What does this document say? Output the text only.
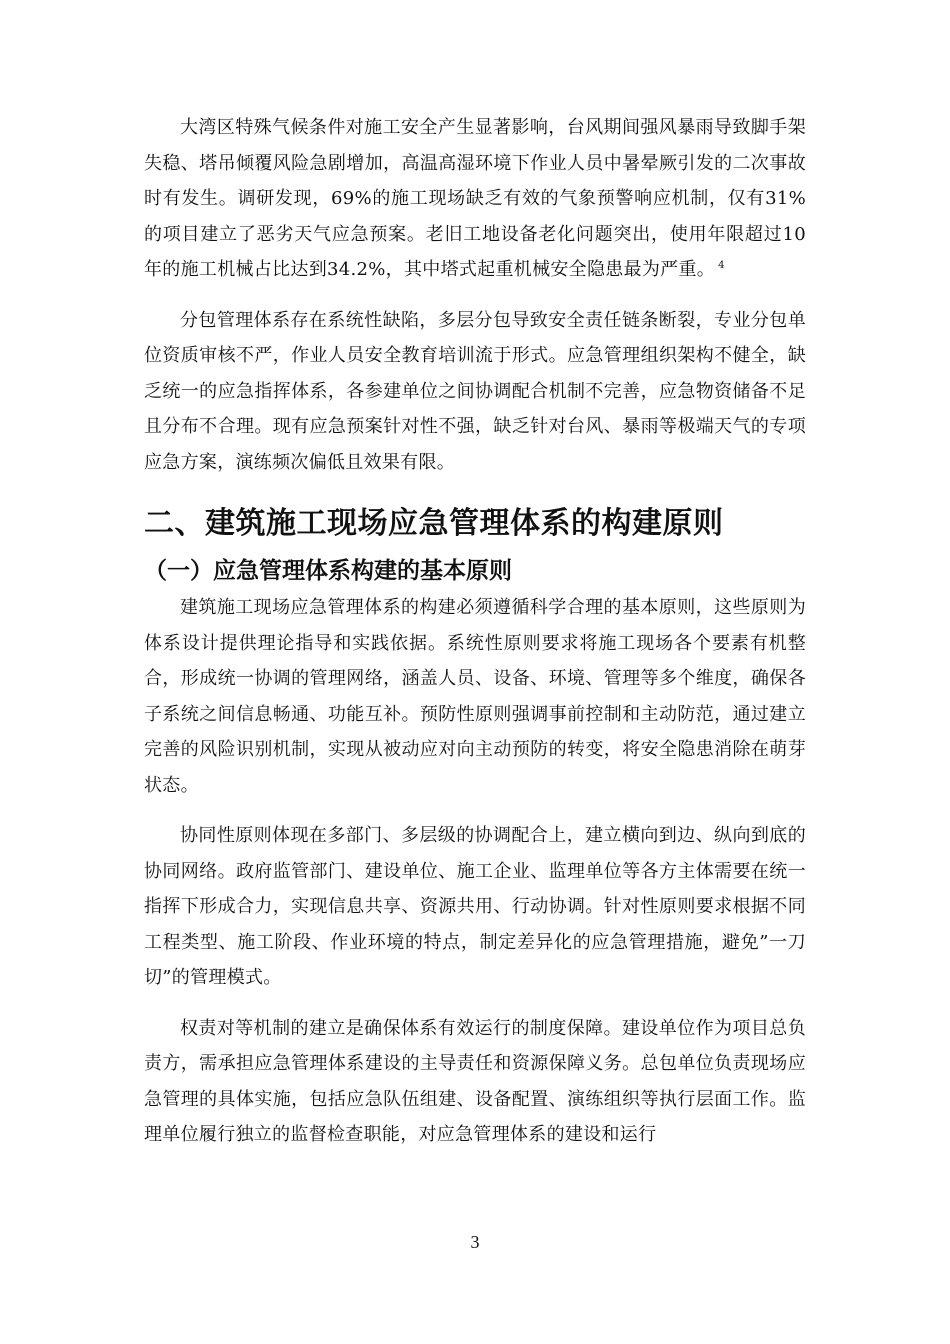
大湾区特殊气候条件对施工安全产生显著影响，台风期间强风暴雨导致脚手架失稳、塔吊倾覆风险急剧增加，高温高湿环境下作业人员中暑晕厥引发的二次事故时有发生。调研发现，69%的施工现场缺乏有效的气象预警响应机制，仅有31%的项目建立了恶劣天气应急预案。老旧工地设备老化问题突出，使用年限超过10年的施工机械占比达到34.2%，其中塔式起重机械安全隐患最为严重。 $^4$

分包管理体系存在系统性缺陷，多层分包导致安全责任链条断裂，专业分包单位资质审核不严，作业人员安全教育培训流于形式。应急管理组织架构不健全，缺乏统一的应急指挥体系，各参建单位之间协调配合机制不完善，应急物资储备不足且分布不合理。现有应急预案针对性不强，缺乏针对台风、暴雨等极端天气的专项应急方案，演练频次偏低且效果有限。

二、建筑施工现场应急管理体系的构建原则
（一）应急管理体系构建的基本原则

建筑施工现场应急管理体系的构建必须遵循科学合理的基本原则，这些原则为体系设计提供理论指导和实践依据。系统性原则要求将施工现场各个要素有机整合，形成统一协调的管理网络，涵盖人员、设备、环境、管理等多个维度，确保各子系统之间信息畅通、功能互补。预防性原则强调事前控制和主动防范，通过建立完善的风险识别机制，实现从被动应对向主动预防的转变，将安全隐患消除在萌芽状态。

协同性原则体现在多部门、多层级的协调配合上，建立横向到边、纵向到底的协同网络。政府监管部门、建设单位、施工企业、监理单位等各方主体需要在统一指挥下形成合力，实现信息共享、资源共用、行动协调。针对性原则要求根据不同工程类型、施工阶段、作业环境的特点，制定差异化的应急管理措施，避免”一刀切”的管理模式。

权责对等机制的建立是确保体系有效运行的制度保障。建设单位作为项目总负责方，需承担应急管理体系建设的主导责任和资源保障义务。总包单位负责现场应急管理的具体实施，包括应急队伍组建、设备配置、演练组织等执行层面工作。监理单位履行独立的监督检查职能，对应急管理体系的建设和运行

3
